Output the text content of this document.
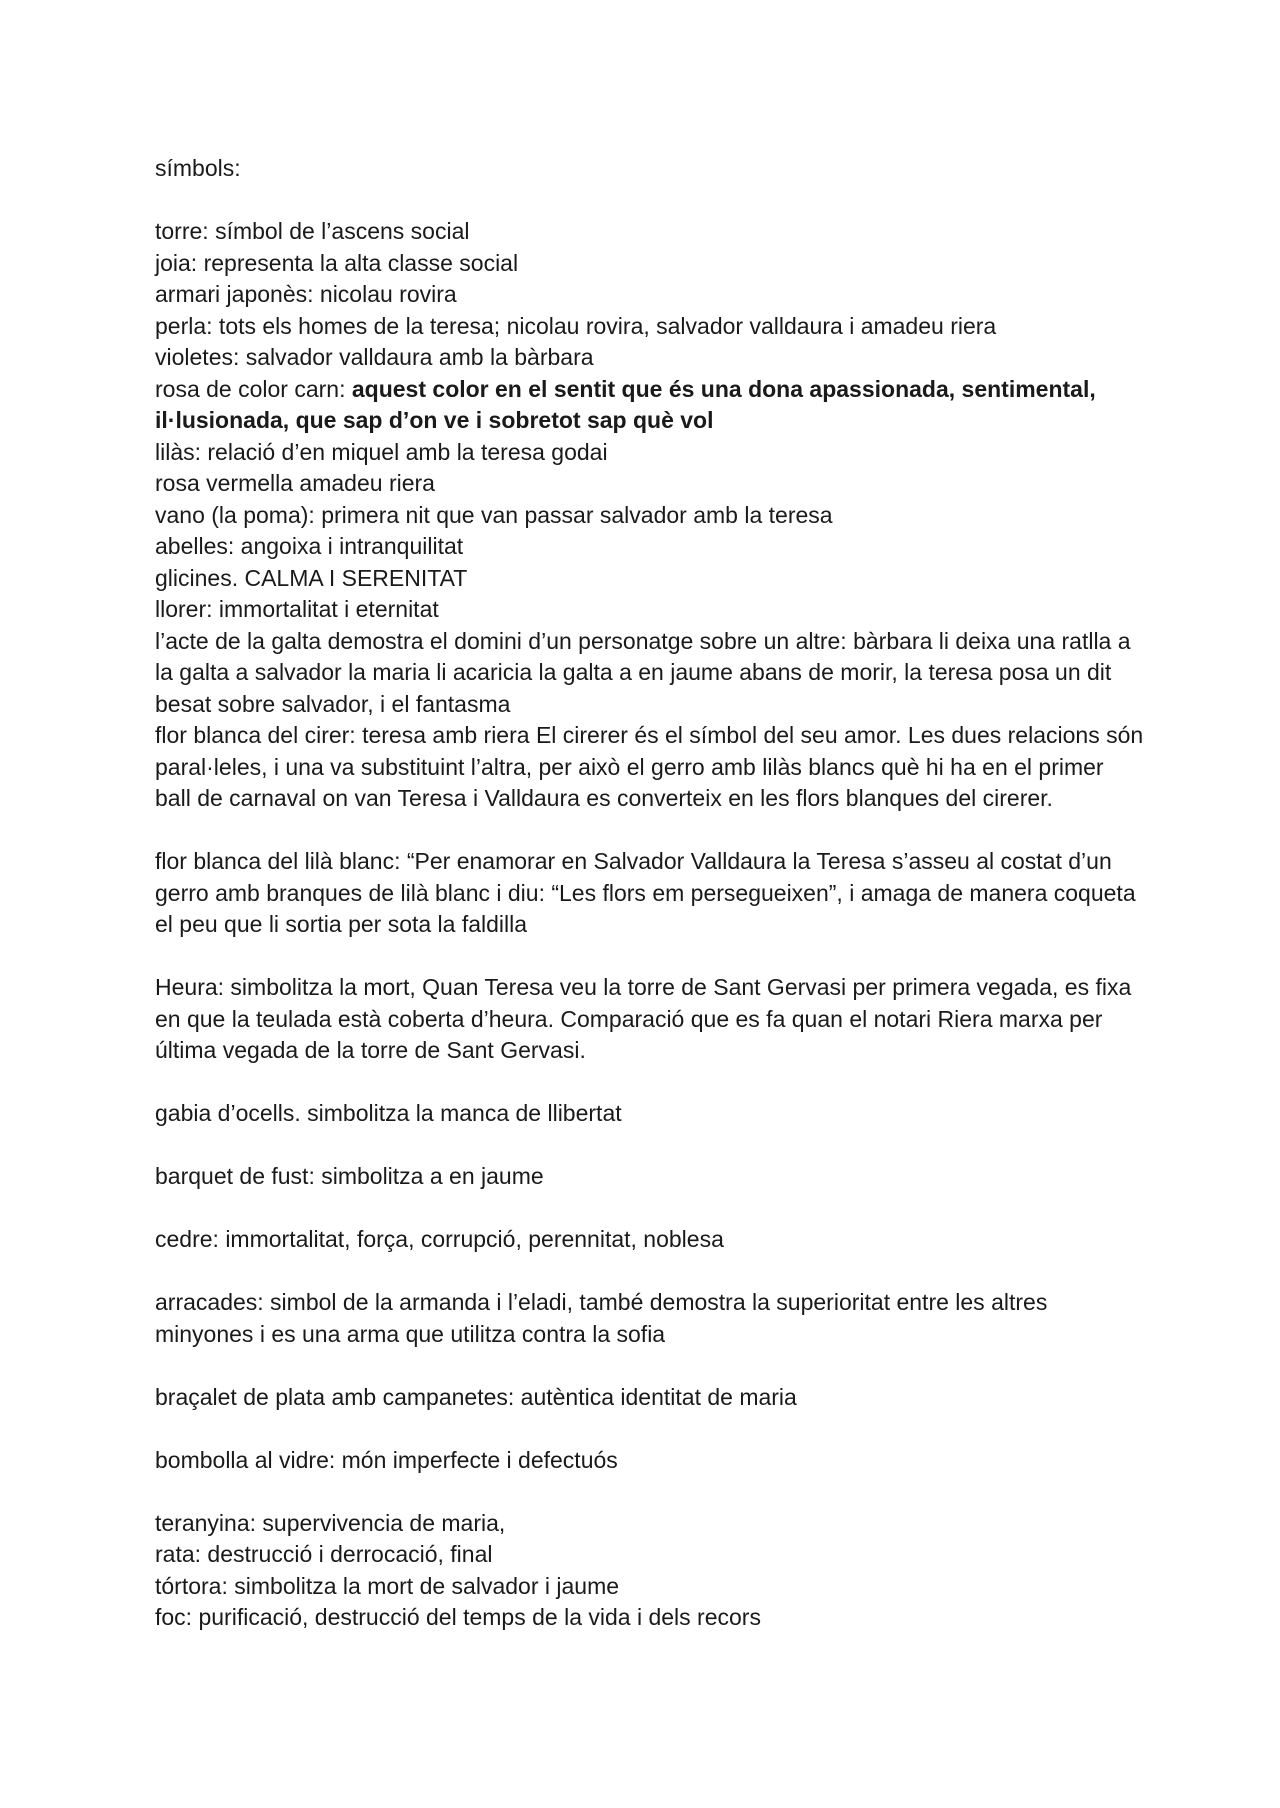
símbols:

torre: símbol de l’ascens social

joia: representa la alta classe social

armari japonès: nicolau rovira

perla: tots els homes de la teresa; nicolau rovira, salvador valldaura i amadeu riera

violetes: salvador valldaura amb la bàrbara

rosa de color carn: aquest color en el sentit que és una dona apassionada, sentimental, il·lusionada, que sap d’on ve i sobretot sap què vol

lilàs: relació d’en miquel amb la teresa godai

rosa vermella amadeu riera

vano (la poma): primera nit que van passar salvador amb la teresa

abelles: angoixa i intranquilitat

glicines. CALMA I SERENITAT

llorer: immortalitat i eternitat

l’acte de la galta demostra el domini d’un personatge sobre un altre: bàrbara li deixa una ratlla a la galta a salvador la maria li acaricia la galta a en jaume abans de morir, la teresa posa un dit besat sobre salvador, i el fantasma

flor blanca del cirer: teresa amb riera El cirerer és el símbol del seu amor. Les dues relacions són paral·leles, i una va substituint l’altra, per això el gerro amb lilàs blancs què hi ha en el primer ball de carnaval on van Teresa i Valldaura es converteix en les flors blanques del cirerer.

flor blanca del lilà blanc: “Per enamorar en Salvador Valldaura la Teresa s’asseu al costat d’un gerro amb branques de lilà blanc i diu: “Les flors em persegueixen”, i amaga de manera coqueta el peu que li sortia per sota la faldilla

Heura: simbolitza la mort, Quan Teresa veu la torre de Sant Gervasi per primera vegada, es fixa en que la teulada està coberta d’heura. Comparació que es fa quan el notari Riera marxa per última vegada de la torre de Sant Gervasi.

gabia d’ocells. simbolitza la manca de llibertat

barquet de fust: simbolitza a en jaume

cedre: immortalitat, força, corrupció, perennitat, noblesa

arracades: simbol de la armanda i l’eladi, també demostra la superioritat entre les altres minyones i es una arma que utilitza contra la sofia

braçalet de plata amb campanetes: autèntica identitat de maria

bombolla al vidre: món imperfecte i defectuós

teranyina: supervivencia de maria,

rata: destrucció i derrocació, final

tórtora: simbolitza la mort de salvador i jaume

foc: purificació, destrucció del temps de la vida i dels recors
